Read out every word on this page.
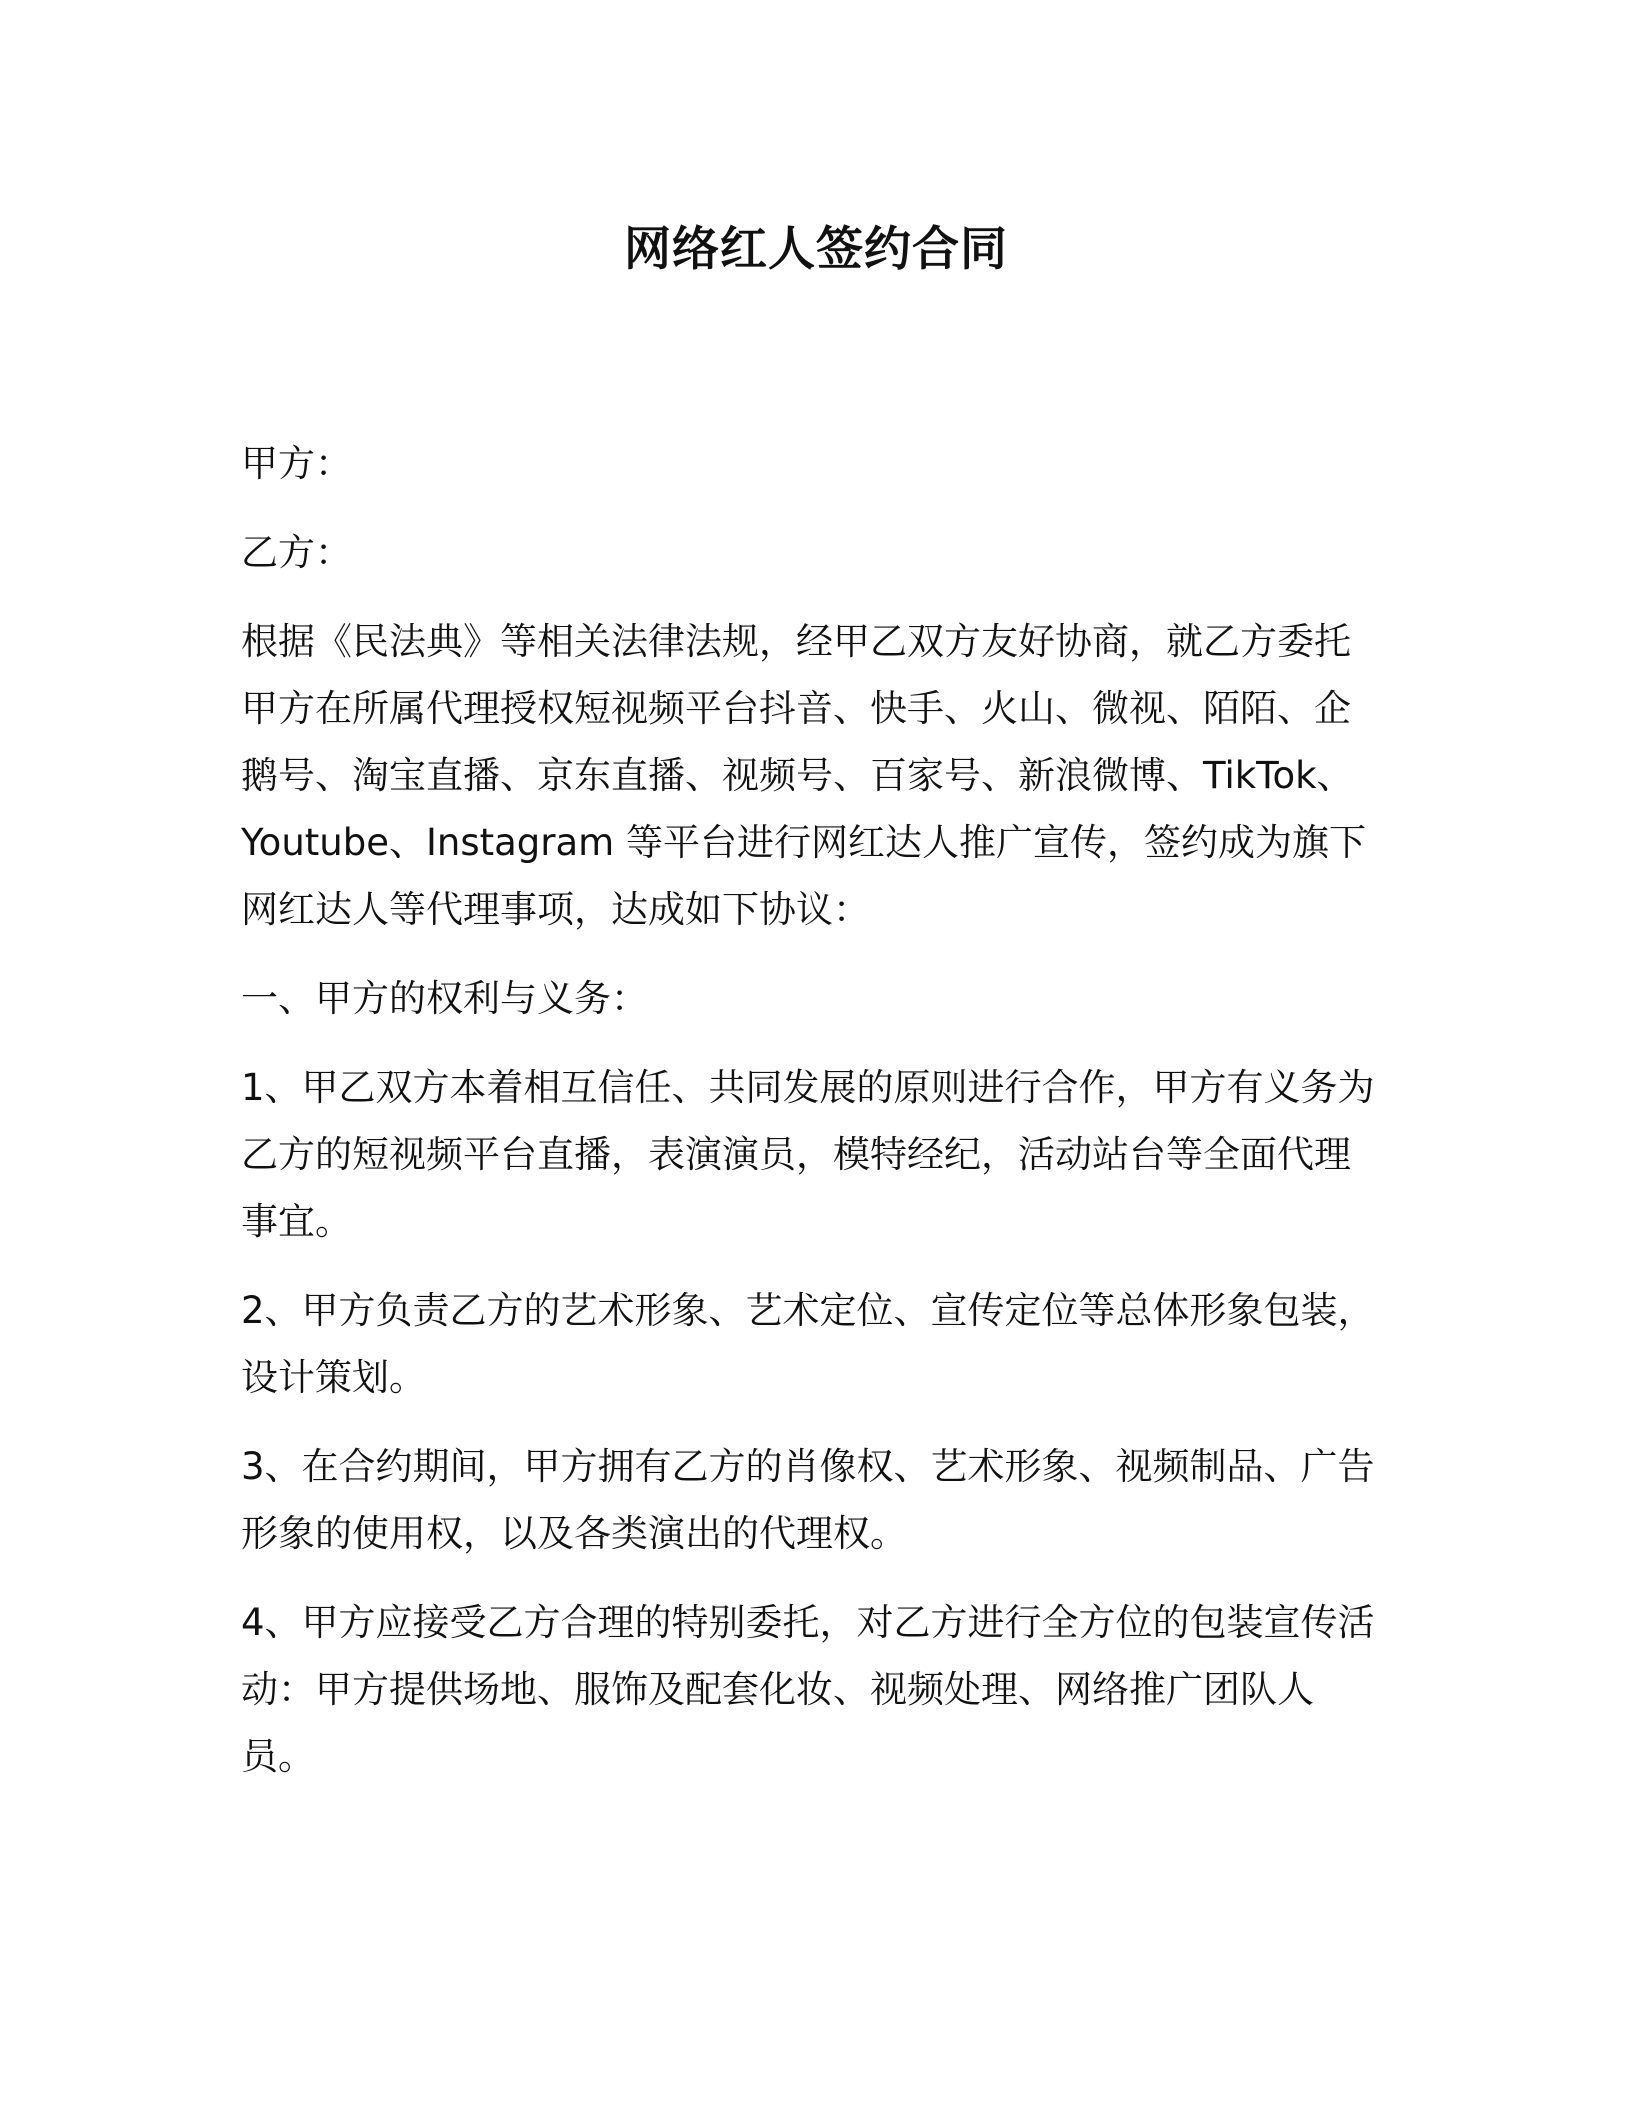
网络红人签约合同

甲方：

乙方：

根据《民法典》等相关法律法规，经甲乙双方友好协商，就乙方委托
甲方在所属代理授权短视频平台抖音、快手、火山、微视、陌陌、企
鹅号、淘宝直播、京东直播、视频号、百家号、新浪微博、TikTok、
Youtube、Instagram 等平台进行网红达人推广宣传，签约成为旗下
网红达人等代理事项，达成如下协议：

一、甲方的权利与义务：

1、甲乙双方本着相互信任、共同发展的原则进行合作，甲方有义务为
乙方的短视频平台直播，表演演员，模特经纪，活动站台等全面代理
事宜。

2、甲方负责乙方的艺术形象、艺术定位、宣传定位等总体形象包装，
设计策划。

3、在合约期间，甲方拥有乙方的肖像权、艺术形象、视频制品、广告
形象的使用权，以及各类演出的代理权。

4、甲方应接受乙方合理的特别委托，对乙方进行全方位的包装宣传活
动：甲方提供场地、服饰及配套化妆、视频处理、网络推广团队人
员。
